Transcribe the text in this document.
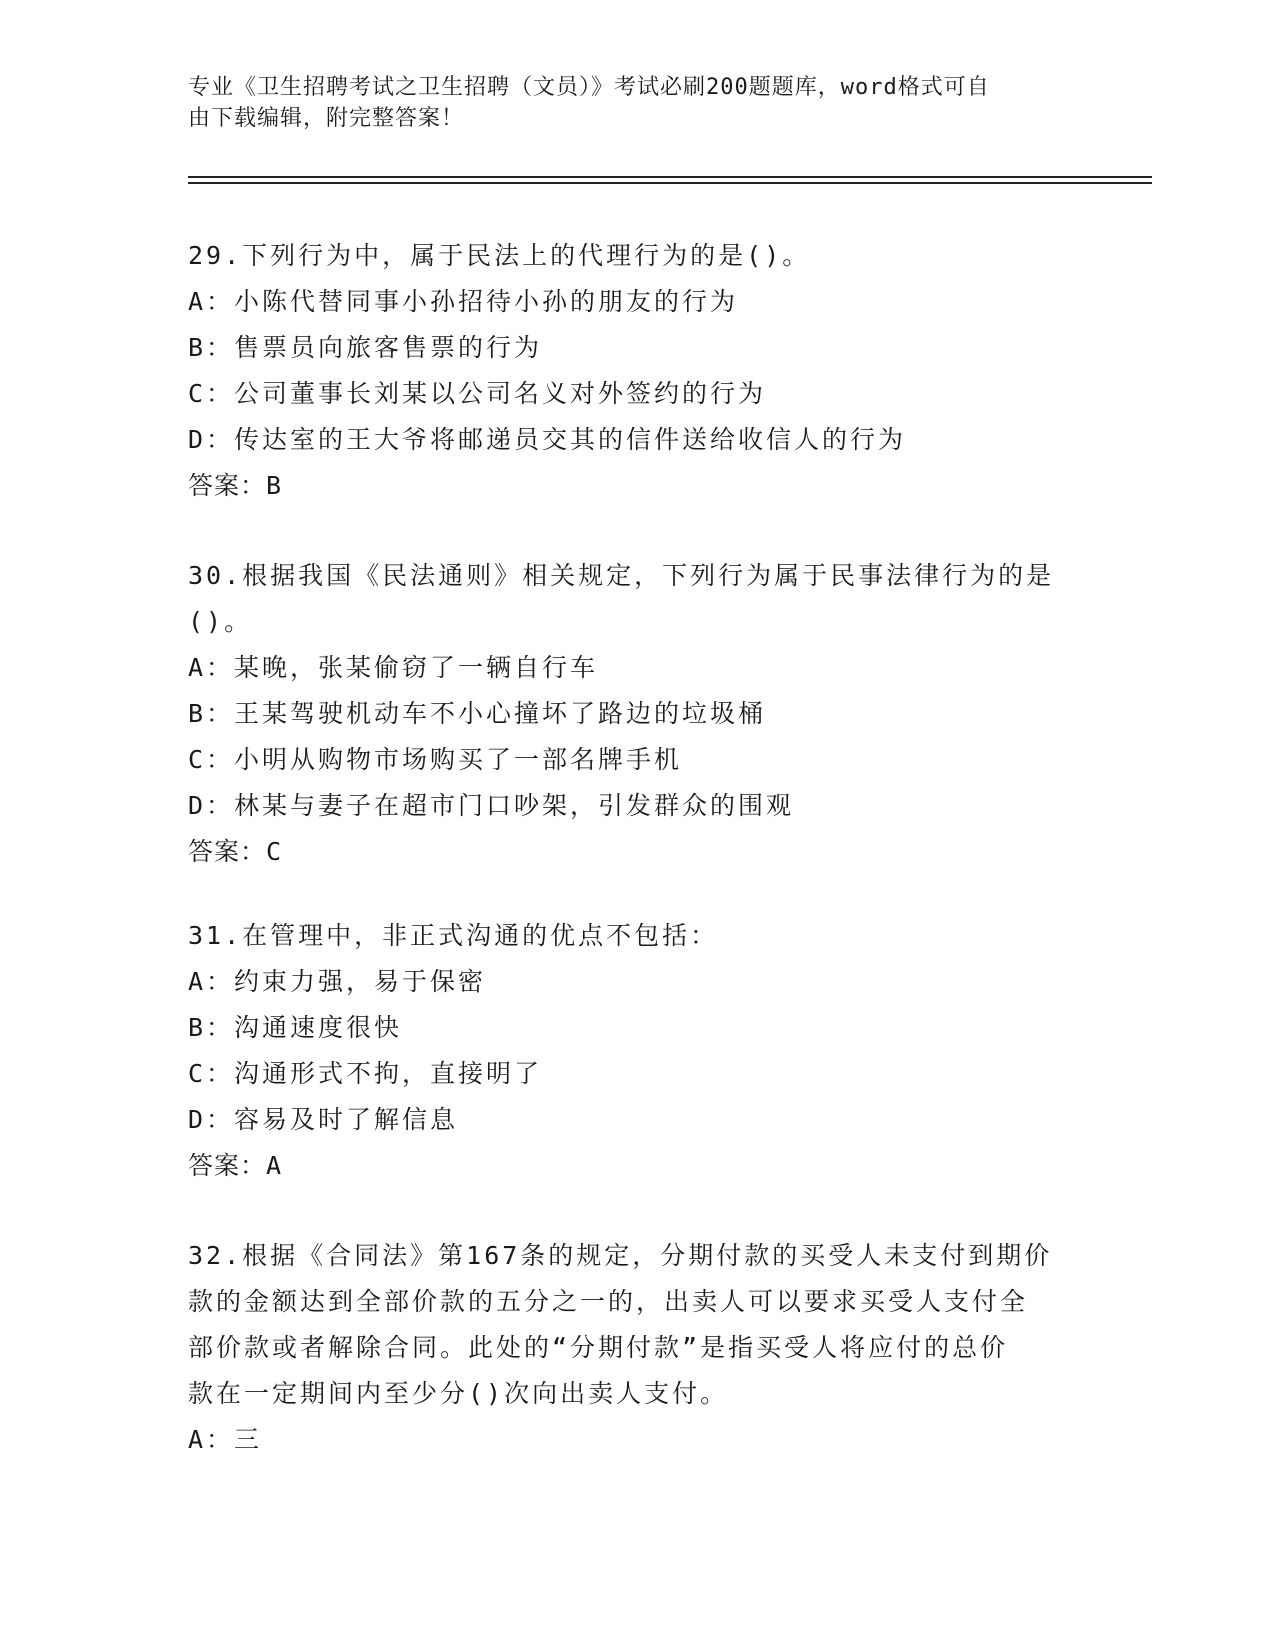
专业《卫生招聘考试之卫生招聘（文员）》考试必刷200题题库，word格式可自
由下载编辑，附完整答案！

29.下列行为中，属于民法上的代理行为的是()。

A：小陈代替同事小孙招待小孙的朋友的行为

B：售票员向旅客售票的行为

C：公司董事长刘某以公司名义对外签约的行为

D：传达室的王大爷将邮递员交其的信件送给收信人的行为

答案：B

30.根据我国《民法通则》相关规定，下列行为属于民事法律行为的是

()。

A：某晚，张某偷窃了一辆自行车

B：王某驾驶机动车不小心撞坏了路边的垃圾桶

C：小明从购物市场购买了一部名牌手机

D：林某与妻子在超市门口吵架，引发群众的围观

答案：C

31.在管理中，非正式沟通的优点不包括：

A：约束力强，易于保密

B：沟通速度很快

C：沟通形式不拘，直接明了

D：容易及时了解信息

答案：A

32.根据《合同法》第167条的规定，分期付款的买受人未支付到期价

款的金额达到全部价款的五分之一的，出卖人可以要求买受人支付全

部价款或者解除合同。此处的“分期付款”是指买受人将应付的总价

款在一定期间内至少分()次向出卖人支付。

A：三
